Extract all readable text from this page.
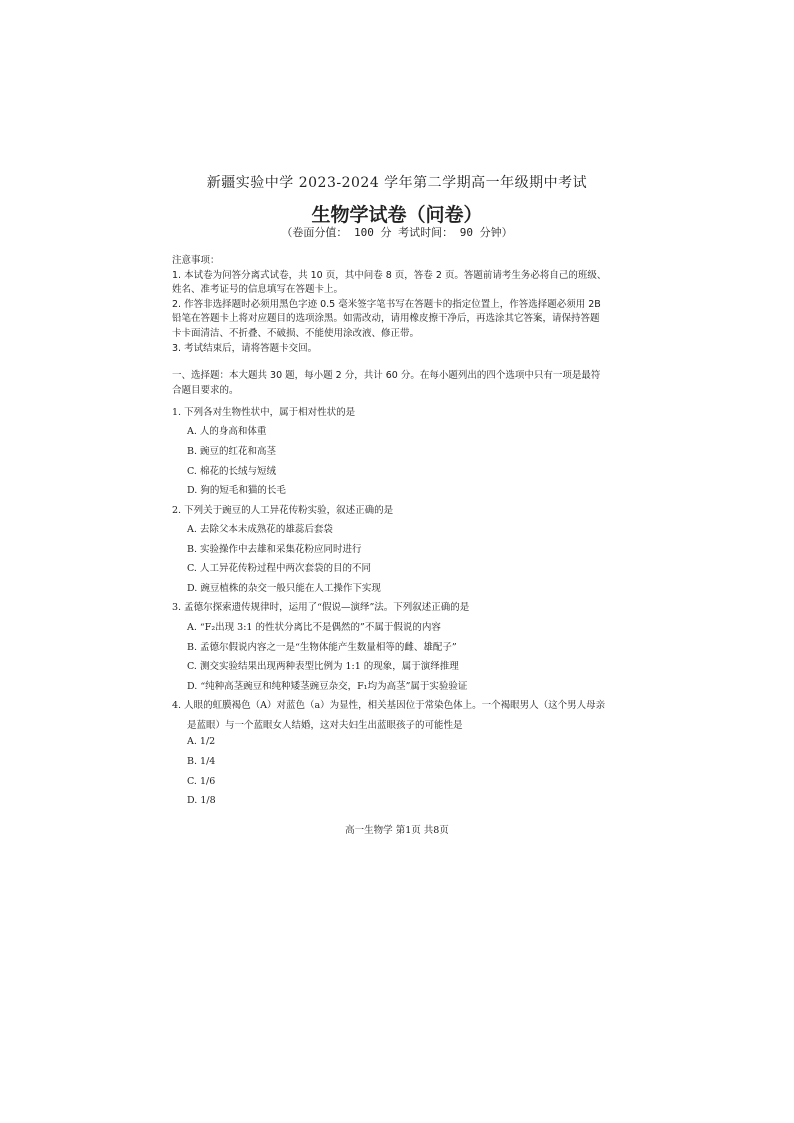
新疆实验中学 2023-2024 学年第二学期高一年级期中考试
生物学试卷（问卷）
（卷面分值： 100 分 考试时间： 90 分钟）

注意事项：

1. 本试卷为问答分离式试卷，共 10 页，其中问卷 8 页，答卷 2 页。答题前请考生务必将自己的班级、

姓名、准考证号的信息填写在答题卡上。

2. 作答非选择题时必须用黑色字迹 0.5 毫米签字笔书写在答题卡的指定位置上，作答选择题必须用 2B

铅笔在答题卡上将对应题目的选项涂黑。如需改动，请用橡皮擦干净后，再选涂其它答案，请保持答题

卡卡面清洁、不折叠、不破损、不能使用涂改液、修正带。

3. 考试结束后，请将答题卡交回。

一、选择题：本大题共 30 题，每小题 2 分，共计 60 分。在每小题列出的四个选项中只有一项是最符

合题目要求的。

1. 下列各对生物性状中，属于相对性状的是
A. 人的身高和体重
B. 豌豆的红花和高茎
C. 棉花的长绒与短绒
D. 狗的短毛和猫的长毛
2. 下列关于豌豆的人工异花传粉实验，叙述正确的是
A. 去除父本未成熟花的雄蕊后套袋
B. 实验操作中去雄和采集花粉应同时进行
C. 人工异花传粉过程中两次套袋的目的不同
D. 豌豆植株的杂交一般只能在人工操作下实现
3. 孟德尔探索遗传规律时，运用了“假说—演绎”法。下列叙述正确的是
A. “F₂出现 3:1 的性状分离比不是偶然的”不属于假说的内容
B. 孟德尔假说内容之一是“生物体能产生数量相等的雌、雄配子”
C. 测交实验结果出现两种表型比例为 1:1 的现象，属于演绎推理
D. “纯种高茎豌豆和纯种矮茎豌豆杂交，F₁均为高茎”属于实验验证
4. 人眼的虹膜褐色（A）对蓝色（a）为显性，相关基因位于常染色体上。一个褐眼男人（这个男人母亲
是蓝眼）与一个蓝眼女人结婚，这对夫妇生出蓝眼孩子的可能性是
A. 1/2
B. 1/4
C. 1/6
D. 1/8
高一生物学 第1页 共8页
